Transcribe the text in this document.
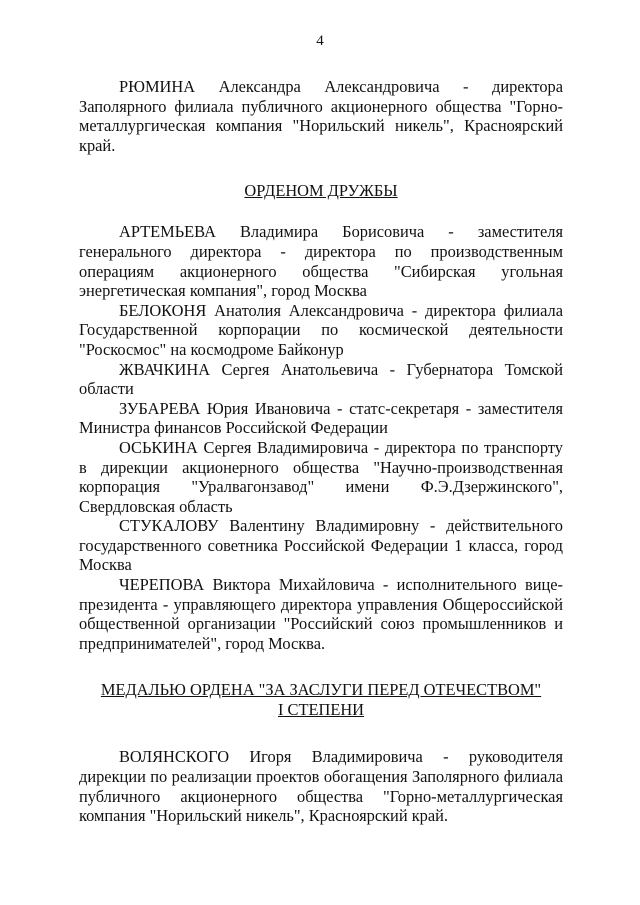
4

РЮМИНА Александра Александровича - директора Заполярного филиала публичного акционерного общества "Горно-металлургическая компания "Норильский никель", Красноярский край.

ОРДЕНОМ ДРУЖБЫ

АРТЕМЬЕВА Владимира Борисовича - заместителя генерального директора - директора по производственным операциям акционерного общества "Сибирская угольная энергетическая компания", город Москва

БЕЛОКОНЯ Анатолия Александровича - директора филиала Государственной корпорации по космической деятельности "Роскосмос" на космодроме Байконур

ЖВАЧКИНА Сергея Анатольевича - Губернатора Томской области

ЗУБАРЕВА Юрия Ивановича - статс-секретаря - заместителя Министра финансов Российской Федерации

ОСЬКИНА Сергея Владимировича - директора по транспорту в дирекции акционерного общества "Научно-производственная корпорация "Уралвагонзавод" имени Ф.Э.Дзержинского", Свердловская область

СТУКАЛОВУ Валентину Владимировну - действительного государственного советника Российской Федерации 1 класса, город Москва

ЧЕРЕПОВА Виктора Михайловича - исполнительного вице-президента - управляющего директора управления Общероссийской общественной организации "Российский союз промышленников и предпринимателей", город Москва.

МЕДАЛЬЮ ОРДЕНА "ЗА ЗАСЛУГИ ПЕРЕД ОТЕЧЕСТВОМ"

I СТЕПЕНИ

ВОЛЯНСКОГО Игоря Владимировича - руководителя дирекции по реализации проектов обогащения Заполярного филиала публичного акционерного общества "Горно-металлургическая компания "Норильский никель", Красноярский край.
